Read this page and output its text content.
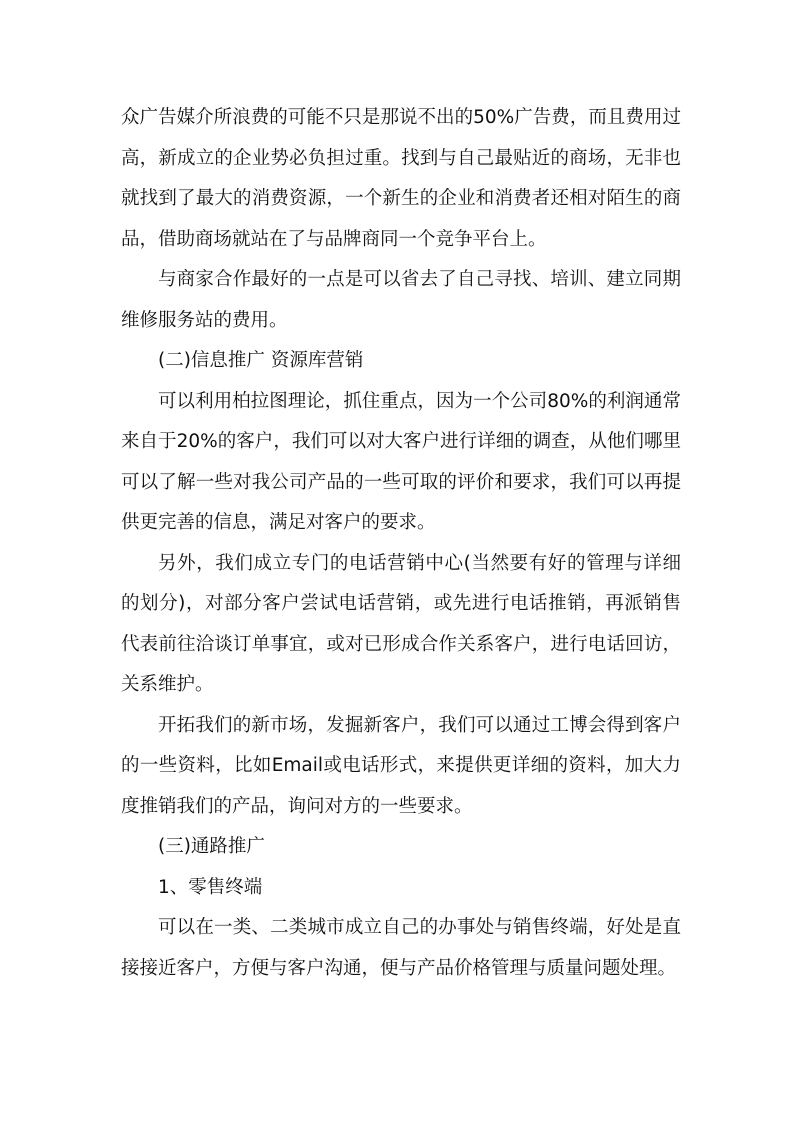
众广告媒介所浪费的可能不只是那说不出的50%广告费，而且费用过高，新成立的企业势必负担过重。找到与自己最贴近的商场，无非也就找到了最大的消费资源，一个新生的企业和消费者还相对陌生的商品，借助商场就站在了与品牌商同一个竞争平台上。

与商家合作最好的一点是可以省去了自己寻找、培训、建立同期维修服务站的费用。

(二)信息推广 资源库营销

可以利用柏拉图理论，抓住重点，因为一个公司80%的利润通常来自于20%的客户，我们可以对大客户进行详细的调查，从他们哪里可以了解一些对我公司产品的一些可取的评价和要求，我们可以再提供更完善的信息，满足对客户的要求。

另外，我们成立专门的电话营销中心(当然要有好的管理与详细的划分)，对部分客户尝试电话营销，或先进行电话推销，再派销售代表前往洽谈订单事宜，或对已形成合作关系客户，进行电话回访，关系维护。

开拓我们的新市场，发掘新客户，我们可以通过工博会得到客户的一些资料，比如Email或电话形式，来提供更详细的资料，加大力度推销我们的产品，询问对方的一些要求。

(三)通路推广

1、零售终端

可以在一类、二类城市成立自己的办事处与销售终端，好处是直接接近客户，方便与客户沟通，便与产品价格管理与质量问题处理。
